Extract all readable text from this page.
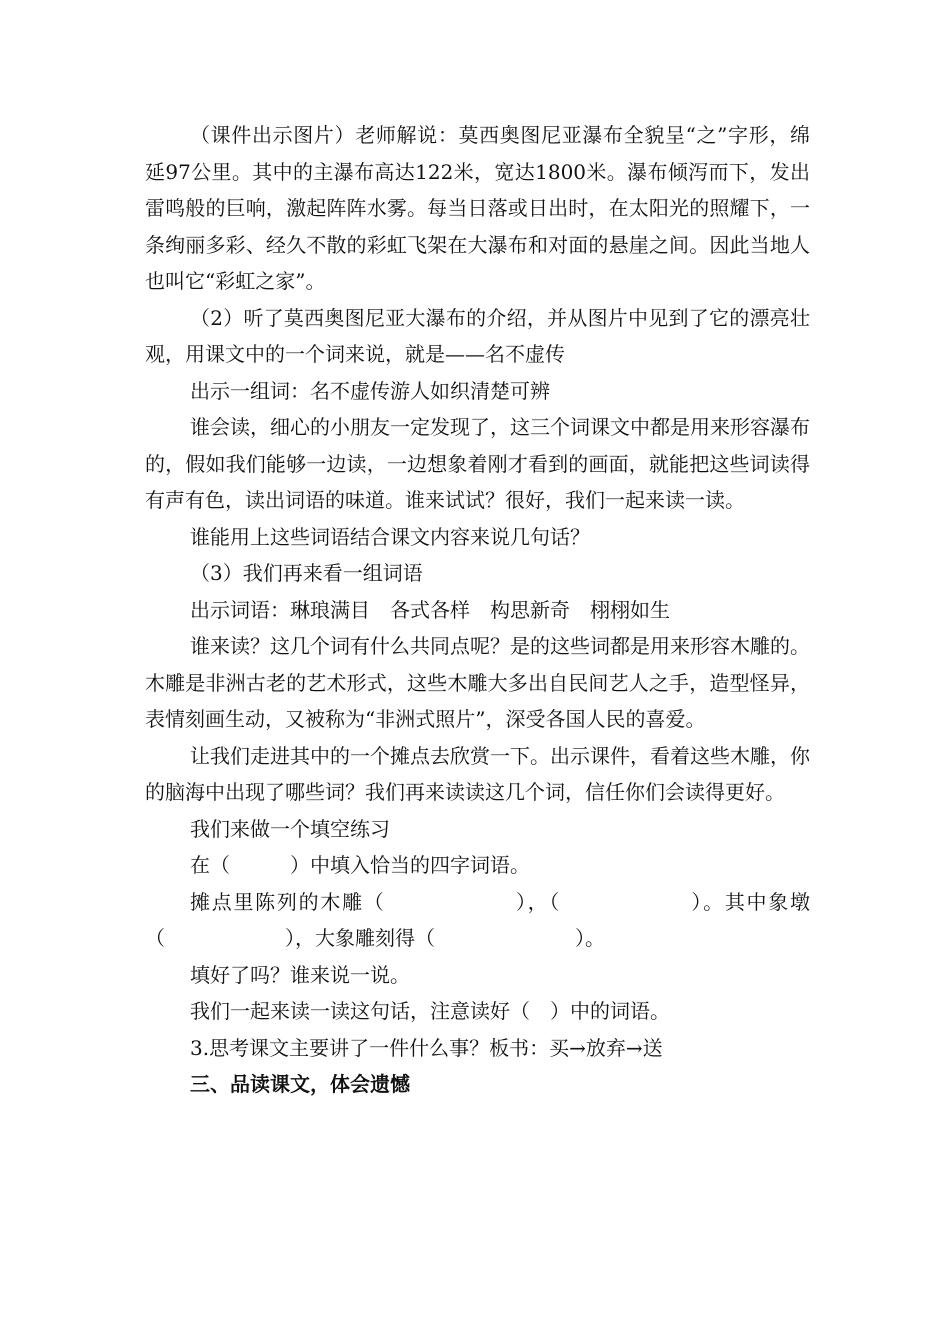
（课件出示图片）老师解说：莫西奥图尼亚瀑布全貌呈“之”字形，绵延97公里。其中的主瀑布高达122米，宽达1800米。瀑布倾泻而下，发出雷鸣般的巨响，激起阵阵水雾。每当日落或日出时，在太阳光的照耀下，一条绚丽多彩、经久不散的彩虹飞架在大瀑布和对面的悬崖之间。因此当地人也叫它“彩虹之家”。

（2）听了莫西奥图尼亚大瀑布的介绍，并从图片中见到了它的漂亮壮观，用课文中的一个词来说，就是——名不虚传

出示一组词：名不虚传游人如织清楚可辨

谁会读，细心的小朋友一定发现了，这三个词课文中都是用来形容瀑布的，假如我们能够一边读，一边想象着刚才看到的画面，就能把这些词读得有声有色，读出词语的味道。谁来试试？很好，我们一起来读一读。

谁能用上这些词语结合课文内容来说几句话？

（3）我们再来看一组词语

出示词语：琳琅满目　各式各样　构思新奇　栩栩如生

谁来读？这几个词有什么共同点呢？是的这些词都是用来形容木雕的。木雕是非洲古老的艺术形式，这些木雕大多出自民间艺人之手，造型怪异，表情刻画生动，又被称为“非洲式照片”，深受各国人民的喜爱。

让我们走进其中的一个摊点去欣赏一下。出示课件，看着这些木雕，你的脑海中出现了哪些词？我们再来读读这几个词，信任你们会读得更好。

我们来做一个填空练习

在（　　　）中填入恰当的四字词语。

摊点里陈列的木雕（　　　　　　），（　　　　　　）。其中象墩（　　　　　　），大象雕刻得（　　　　　　　）。

填好了吗？谁来说一说。

我们一起来读一读这句话，注意读好（　）中的词语。

3.思考课文主要讲了一件什么事？板书：买→放弃→送

三、品读课文，体会遗憾
